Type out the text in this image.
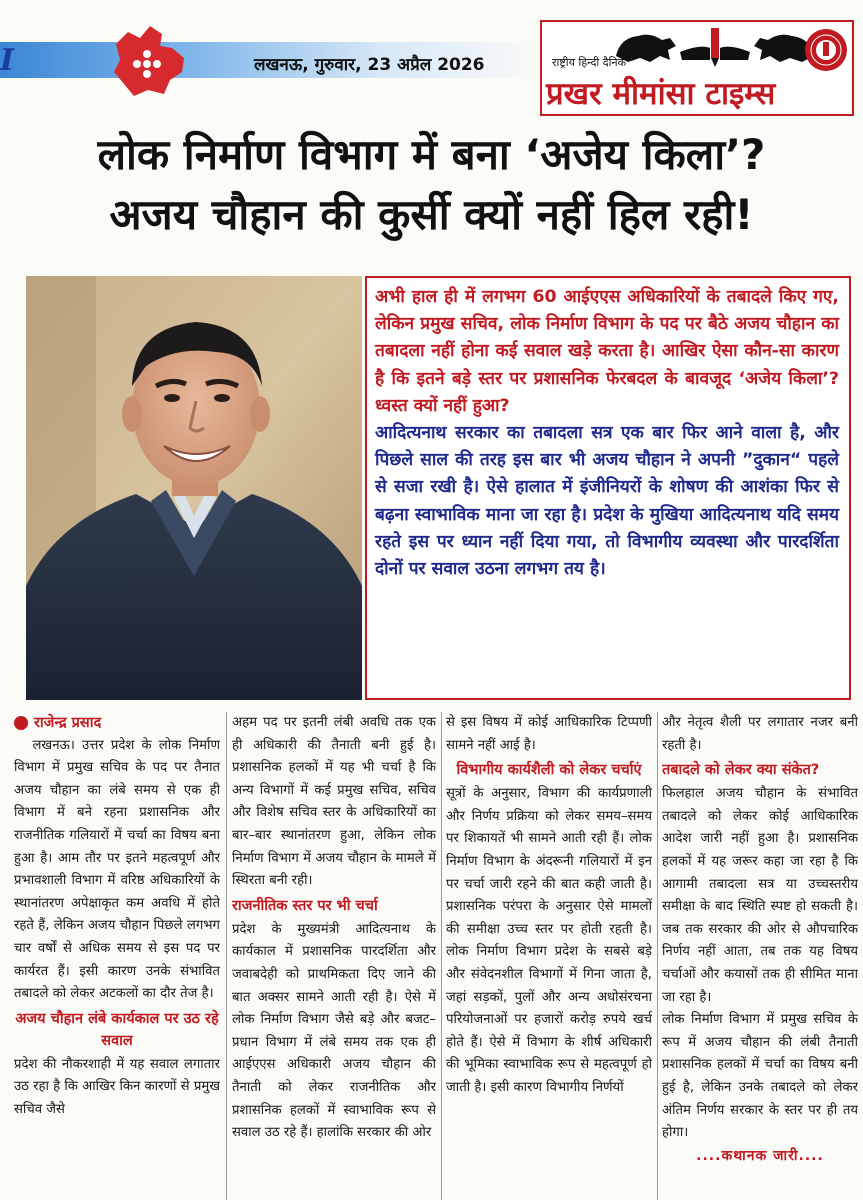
I	लखनऊ, गुरुवार, 23 अप्रैल 2026	राष्ट्रीय हिन्दी दैनिक
प्रखर मीमांसा टाइम्स
लोक निर्माण विभाग में बना ‘अजेय किला’?
अजय चौहान की कुर्सी क्यों नहीं हिल रही!

अभी हाल ही में लगभग 60 आईएएस अधिकारियों के तबादले किए गए, लेकिन प्रमुख सचिव, लोक निर्माण विभाग के पद पर बैठे अजय चौहान का तबादला नहीं होना कई सवाल खड़े करता है। आखिर ऐसा कौन-सा कारण है कि इतने बड़े स्तर पर प्रशासनिक फेरबदल के बावजूद ‘अजेय किला’? ध्वस्त क्यों नहीं हुआ?

आदित्यनाथ सरकार का तबादला सत्र एक बार फिर आने वाला है, और पिछले साल की तरह इस बार भी अजय चौहान ने अपनी ”दुकान“ पहले से सजा रखी है। ऐसे हालात में इंजीनियरों के शोषण की आशंका फिर से बढ़ना स्वाभाविक माना जा रहा है। प्रदेश के मुखिया आदित्यनाथ यदि समय रहते इस पर ध्यान नहीं दिया गया, तो विभागीय व्यवस्था और पारदर्शिता दोनों पर सवाल उठना लगभग तय है।

राजेन्द्र प्रसाद

लखनऊ। उत्तर प्रदेश के लोक निर्माण विभाग में प्रमुख सचिव के पद पर तैनात अजय चौहान का लंबे समय से एक ही विभाग में बने रहना प्रशासनिक और राजनीतिक गलियारों में चर्चा का विषय बना हुआ है। आम तौर पर इतने महत्वपूर्ण और प्रभावशाली विभाग में वरिष्ठ अधिकारियों के स्थानांतरण अपेक्षाकृत कम अवधि में होते रहते हैं, लेकिन अजय चौहान पिछले लगभग चार वर्षों से अधिक समय से इस पद पर कार्यरत हैं। इसी कारण उनके संभावित तबादले को लेकर अटकलों का दौर तेज है।

अजय चौहान लंबे कार्यकाल पर उठ रहे सवाल

प्रदेश की नौकरशाही में यह सवाल लगातार उठ रहा है कि आखिर किन कारणों से प्रमुख सचिव जैसे

अहम पद पर इतनी लंबी अवधि तक एक ही अधिकारी की तैनाती बनी हुई है। प्रशासनिक हलकों में यह भी चर्चा है कि अन्य विभागों में कई प्रमुख सचिव, सचिव और विशेष सचिव स्तर के अधिकारियों का बार–बार स्थानांतरण हुआ, लेकिन लोक निर्माण विभाग में अजय चौहान के मामले में स्थिरता बनी रही।

राजनीतिक स्तर पर भी चर्चा

प्रदेश के मुख्यमंत्री आदित्यनाथ के कार्यकाल में प्रशासनिक पारदर्शिता और जवाबदेही को प्राथमिकता दिए जाने की बात अक्सर सामने आती रही है। ऐसे में लोक निर्माण विभाग जैसे बड़े और बजट–प्रधान विभाग में लंबे समय तक एक ही आईएएस अधिकारी अजय चौहान की तैनाती को लेकर राजनीतिक और प्रशासनिक हलकों में स्वाभाविक रूप से सवाल उठ रहे हैं। हालांकि सरकार की ओर

से इस विषय में कोई आधिकारिक टिप्पणी सामने नहीं आई है।

विभागीय कार्यशैली को लेकर चर्चाएं

सूत्रों के अनुसार, विभाग की कार्यप्रणाली और निर्णय प्रक्रिया को लेकर समय–समय पर शिकायतें भी सामने आती रही हैं। लोक निर्माण विभाग के अंदरूनी गलियारों में इन पर चर्चा जारी रहने की बात कही जाती है। प्रशासनिक परंपरा के अनुसार ऐसे मामलों की समीक्षा उच्च स्तर पर होती रहती है। लोक निर्माण विभाग प्रदेश के सबसे बड़े और संवेदनशील विभागों में गिना जाता है, जहां सड़कों, पुलों और अन्य अधोसंरचना परियोजनाओं पर हजारों करोड़ रुपये खर्च होते हैं। ऐसे में विभाग के शीर्ष अधिकारी की भूमिका स्वाभाविक रूप से महत्वपूर्ण हो जाती है। इसी कारण विभागीय निर्णयों

और नेतृत्व शैली पर लगातार नजर बनी रहती है।

तबादले को लेकर क्या संकेत?

फिलहाल अजय चौहान के संभावित तबादले को लेकर कोई आधिकारिक आदेश जारी नहीं हुआ है। प्रशासनिक हलकों में यह जरूर कहा जा रहा है कि आगामी तबादला सत्र या उच्चस्तरीय समीक्षा के बाद स्थिति स्पष्ट हो सकती है। जब तक सरकार की ओर से औपचारिक निर्णय नहीं आता, तब तक यह विषय चर्चाओं और कयासों तक ही सीमित माना जा रहा है।

लोक निर्माण विभाग में प्रमुख सचिव के रूप में अजय चौहान की लंबी तैनाती प्रशासनिक हलकों में चर्चा का विषय बनी हुई है, लेकिन उनके तबादले को लेकर अंतिम निर्णय सरकार के स्तर पर ही तय होगा।

....कथानक जारी....
